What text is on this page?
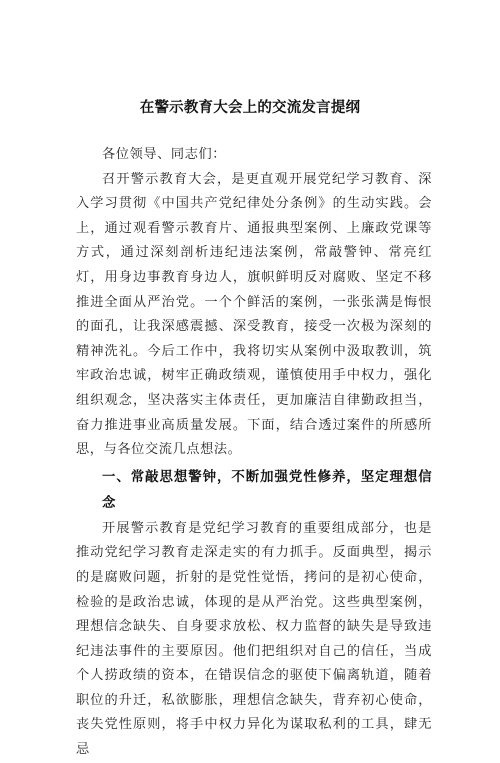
在警示教育大会上的交流发言提纲

各位领导、同志们：

召开警示教育大会，是更直观开展党纪学习教育、深入学习贯彻《中国共产党纪律处分条例》的生动实践。会上，通过观看警示教育片、通报典型案例、上廉政党课等方式，通过深刻剖析违纪违法案例，常敲警钟、常亮红灯，用身边事教育身边人，旗帜鲜明反对腐败、坚定不移推进全面从严治党。一个个鲜活的案例，一张张满是悔恨的面孔，让我深感震撼、深受教育，接受一次极为深刻的精神洗礼。今后工作中，我将切实从案例中汲取教训，筑牢政治忠诚，树牢正确政绩观，谨慎使用手中权力，强化组织观念，坚决落实主体责任，更加廉洁自律勤政担当，奋力推进事业高质量发展。下面，结合透过案件的所感所思，与各位交流几点想法。

一、常敲思想警钟，不断加强党性修养，坚定理想信念

开展警示教育是党纪学习教育的重要组成部分，也是推动党纪学习教育走深走实的有力抓手。反面典型，揭示的是腐败问题，折射的是党性觉悟，拷问的是初心使命，检验的是政治忠诚，体现的是从严治党。这些典型案例，理想信念缺失、自身要求放松、权力监督的缺失是导致违纪违法事件的主要原因。他们把组织对自己的信任，当成个人捞政绩的资本，在错误信念的驱使下偏离轨道，随着职位的升迁，私欲膨胀，理想信念缺失，背弃初心使命，丧失党性原则，将手中权力异化为谋取私利的工具，肆无忌
